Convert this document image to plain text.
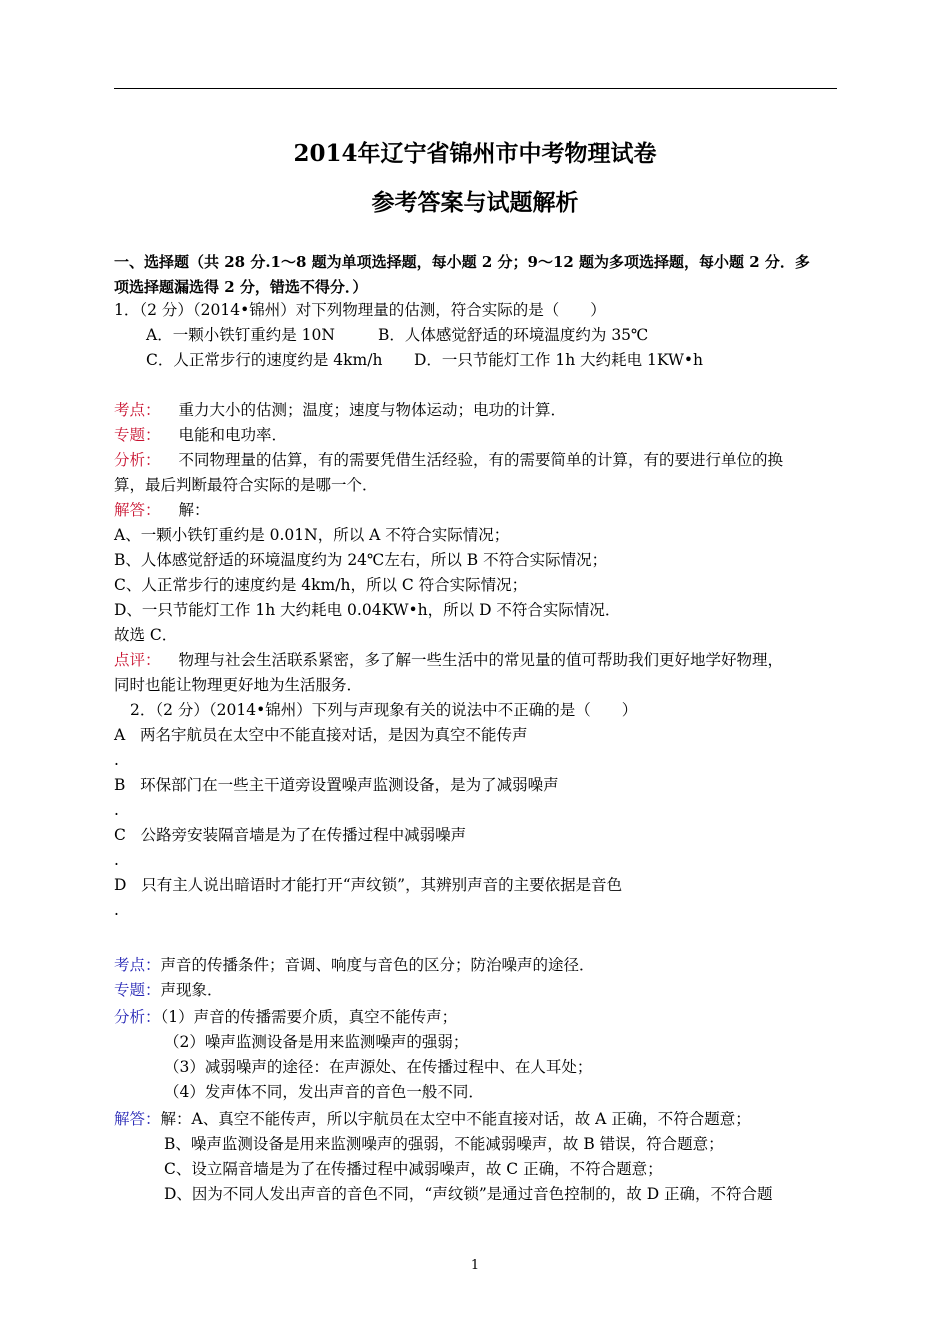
2014年辽宁省锦州市中考物理试卷
参考答案与试题解析
一、选择题（共 28 分.1～8 题为单项选择题，每小题 2 分；9～12 题为多项选择题，每小题 2 分．多
项选择题漏选得 2 分，错选不得分．）
1．（2 分）（2014•锦州）对下列物理量的估测，符合实际的是（　　）
A．一颗小铁钉重约是 10N	B．人体感觉舒适的环境温度约为 35℃
C．人正常步行的速度约是 4km/h D．一只节能灯工作 1h 大约耗电 1KW•h
考点： 重力大小的估测；温度；速度与物体运动；电功的计算．
专题： 电能和电功率．
分析： 不同物理量的估算，有的需要凭借生活经验，有的需要简单的计算，有的要进行单位的换
算，最后判断最符合实际的是哪一个．
解答： 解：
A、一颗小铁钉重约是 0.01N，所以 A 不符合实际情况；
B、人体感觉舒适的环境温度约为 24℃左右，所以 B 不符合实际情况；
C、人正常步行的速度约是 4km/h，所以 C 符合实际情况；
D、一只节能灯工作 1h 大约耗电 0.04KW•h，所以 D 不符合实际情况．
故选 C．
点评： 物理与社会生活联系紧密，多了解一些生活中的常见量的值可帮助我们更好地学好物理，
同时也能让物理更好地为生活服务．
2．（2 分）（2014•锦州）下列与声现象有关的说法中不正确的是（　　）
A 两名宇航员在太空中不能直接对话，是因为真空不能传声
.
B 环保部门在一些主干道旁设置噪声监测设备，是为了减弱噪声
.
C 公路旁安装隔音墙是为了在传播过程中减弱噪声
.
D 只有主人说出暗语时才能打开“声纹锁”，其辨别声音的主要依据是音色
.
考点：声音的传播条件；音调、响度与音色的区分；防治噪声的途径．
专题：声现象．
分析：（1）声音的传播需要介质，真空不能传声；
（2）噪声监测设备是用来监测噪声的强弱；
（3）减弱噪声的途径：在声源处、在传播过程中、在人耳处；
（4）发声体不同，发出声音的音色一般不同．
解答：解：A、真空不能传声，所以宇航员在太空中不能直接对话，故 A 正确，不符合题意；
B、噪声监测设备是用来监测噪声的强弱，不能减弱噪声，故 B 错误，符合题意；
C、设立隔音墙是为了在传播过程中减弱噪声，故 C 正确，不符合题意；
D、因为不同人发出声音的音色不同，“声纹锁”是通过音色控制的，故 D 正确，不符合题
1
